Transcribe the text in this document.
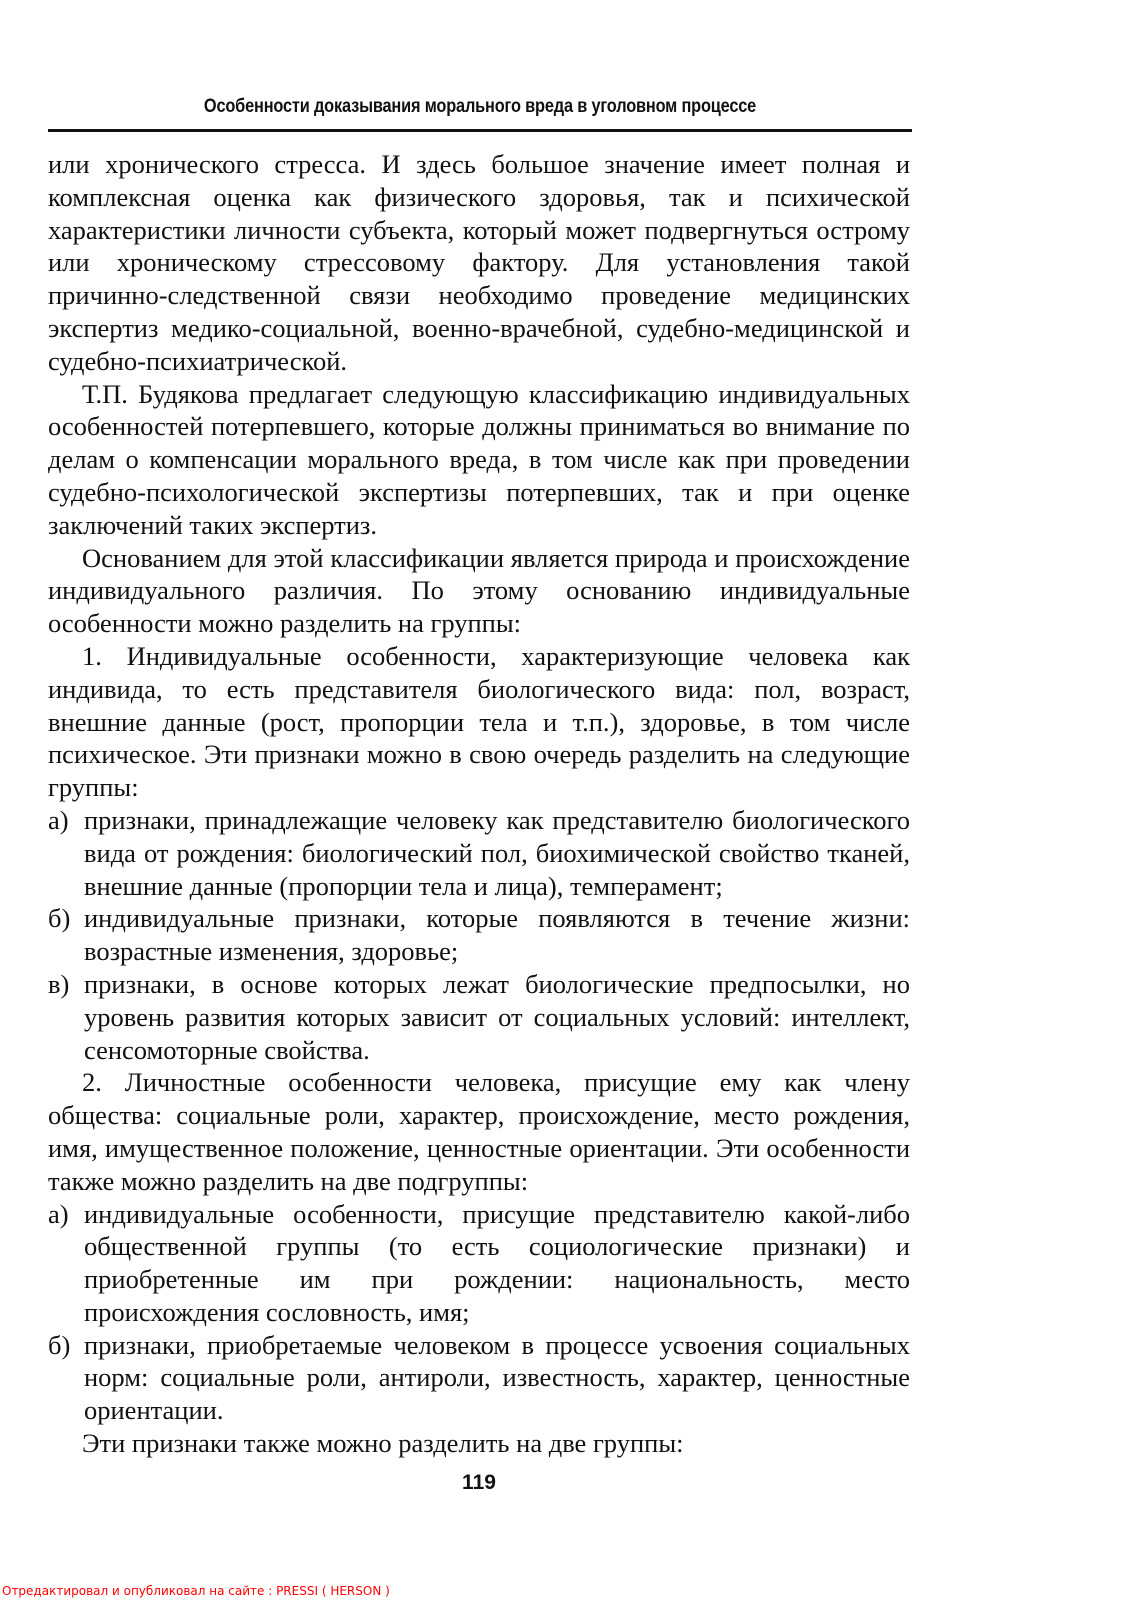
Особенности доказывания морального вреда в уголовном процессе

или хронического стресса. И здесь большое значение имеет полная и комплексная оценка как физического здоровья, так и психической характеристики личности субъекта, который может подвергнуться острому или хроническому стрессовому фактору. Для установления такой причинно-следственной связи необходимо проведение медицинских экспертиз медико-социальной, военно-врачебной, судебно-медицинской и судебно-психиатрической.

Т.П. Будякова предлагает следующую классификацию индивидуальных особенностей потерпевшего, которые должны приниматься во внимание по делам о компенсации морального вреда, в том числе как при проведении судебно-психологической экспертизы потерпевших, так и при оценке заключений таких экспертиз.

Основанием для этой классификации является природа и происхождение индивидуального различия. По этому основанию индивидуальные особенности можно разделить на группы:

1. Индивидуальные особенности, характеризующие человека как индивида, то есть представителя биологического вида: пол, возраст, внешние данные (рост, пропорции тела и т.п.), здоровье, в том числе психическое. Эти признаки можно в свою очередь разделить на следующие группы:

а) признаки, принадлежащие человеку как представителю биологического вида от рождения: биологический пол, биохимической свойство тканей, внешние данные (пропорции тела и лица), темперамент;
б) индивидуальные признаки, которые появляются в течение жизни: возрастные изменения, здоровье;
в) признаки, в основе которых лежат биологические предпосылки, но уровень развития которых зависит от социальных условий: интеллект, сенсомоторные свойства.

2. Личностные особенности человека, присущие ему как члену общества: социальные роли, характер, происхождение, место рождения, имя, имущественное положение, ценностные ориентации. Эти особенности также можно разделить на две подгруппы:

а) индивидуальные особенности, присущие представителю какой-либо общественной группы (то есть социологические признаки) и приобретенные им при рождении: национальность, место происхождения сословность, имя;
б) признаки, приобретаемые человеком в процессе усвоения социальных норм: социальные роли, антироли, известность, характер, ценностные ориентации.

Эти признаки также можно разделить на две группы:

119
Отредактировал и опубликовал на сайте : PRESSI ( HERSON )
